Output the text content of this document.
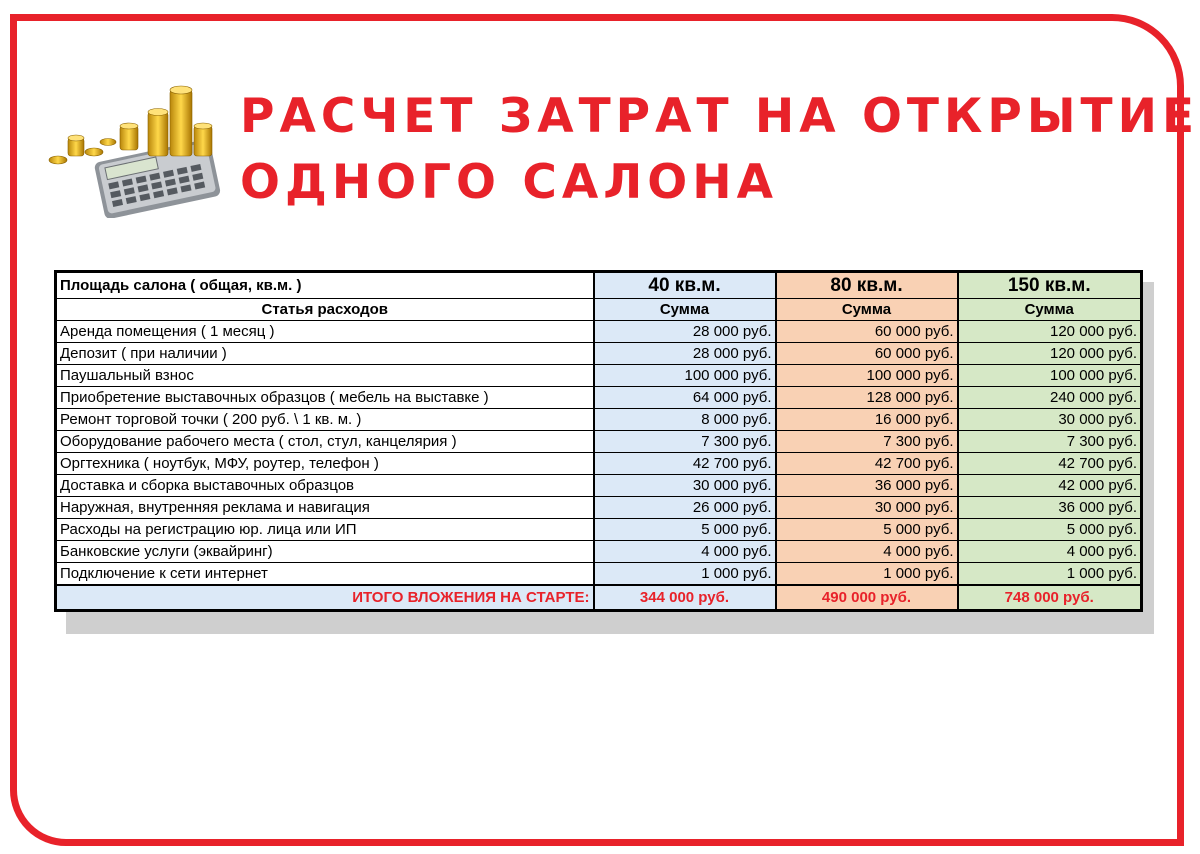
РАСЧЕТ ЗАТРАТ НА ОТКРЫТИЕ
ОДНОГО САЛОНА
Площадь салона ( общая, кв.м. )	40 кв.м.	80 кв.м.	150 кв.м.
Статья расходов	Сумма	Сумма	Сумма
Аренда помещения ( 1 месяц )	28 000 руб.	60 000 руб.	120 000 руб.
Депозит ( при наличии )	28 000 руб.	60 000 руб.	120 000 руб.
Паушальный взнос	100 000 руб.	100 000 руб.	100 000 руб.
Приобретение выставочных образцов ( мебель на выставке )	64 000 руб.	128 000 руб.	240 000 руб.
Ремонт торговой точки ( 200 руб. \ 1 кв. м. )	8 000 руб.	16 000 руб.	30 000 руб.
Оборудование рабочего места ( стол, стул, канцелярия )	7 300 руб.	7 300 руб.	7 300 руб.
Оргтехника ( ноутбук, МФУ, роутер, телефон )	42 700 руб.	42 700 руб.	42 700 руб.
Доставка и сборка выставочных образцов	30 000 руб.	36 000 руб.	42 000 руб.
Наружная, внутренняя реклама и навигация	26 000 руб.	30 000 руб.	36 000 руб.
Расходы на регистрацию юр. лица или ИП	5 000 руб.	5 000 руб.	5 000 руб.
Банковские услуги (эквайринг)	4 000 руб.	4 000 руб.	4 000 руб.
Подключение к сети интернет	1 000 руб.	1 000 руб.	1 000 руб.
ИТОГО ВЛОЖЕНИЯ НА СТАРТЕ:	344 000 руб.	490 000 руб.	748 000 руб.
